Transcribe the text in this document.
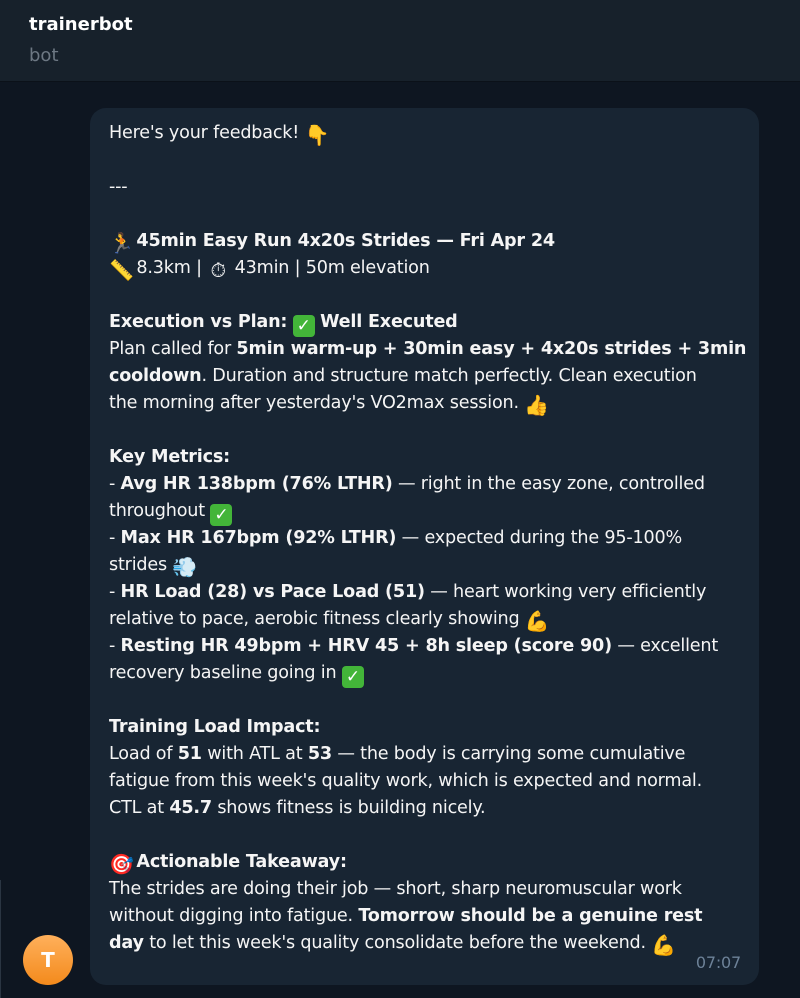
trainerbot
bot
Here's your feedback! 👇
---
🏃 45min Easy Run 4x20s Strides — Fri Apr 24
📏 8.3km | ⏱ 43min | 50m elevation
Execution vs Plan: ✓ Well Executed
Plan called for 5min warm-up + 30min easy + 4x20s strides + 3min
cooldown. Duration and structure match perfectly. Clean execution
the morning after yesterday's VO2max session. 👍
Key Metrics:
- Avg HR 138bpm (76% LTHR) — right in the easy zone, controlled
throughout ✓
- Max HR 167bpm (92% LTHR) — expected during the 95-100%
strides 💨
- HR Load (28) vs Pace Load (51) — heart working very efficiently
relative to pace, aerobic fitness clearly showing 💪
- Resting HR 49bpm + HRV 45 + 8h sleep (score 90) — excellent
recovery baseline going in ✓
Training Load Impact:
Load of 51 with ATL at 53 — the body is carrying some cumulative
fatigue from this week's quality work, which is expected and normal.
CTL at 45.7 shows fitness is building nicely.
🎯 Actionable Takeaway:
The strides are doing their job — short, sharp neuromuscular work
without digging into fatigue. Tomorrow should be a genuine rest
day to let this week's quality consolidate before the weekend. 💪
07:07
T
